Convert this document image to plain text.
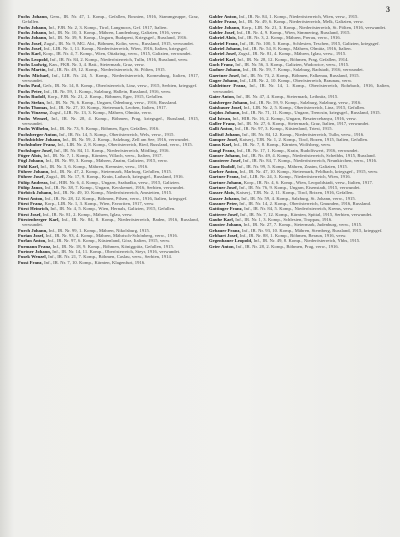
3

Fuchs Johann, Gem., IR. Nr. 47, 1. Komp., Gefallen, Bosnien, 1916, Stammgruppe, Graz, Gefallen.

Fuchs Johann, Inf., FJB. Nr. 2, 3. Komp., Tirol, Langmoos, Gef. 1917, Italien.

Fuchs Johann, Inf., IR. Nr. 10, 3. Komp., Mähren, Lundenburg, Galizien, 1916, verw.

Fuchs Johann, Inf., IR. Nr. 39, 9. Komp., Ungarn, Budapest, Kriegsgef., Russland, 1916.

Fuchs Josef, Zugsf., IR. Nr. 9, MG. Abt., Böhmen, Kolin, verw., Russland, 1915, verwundet.

Fuchs Josef, Inf., LIR. Nr. 1, 11. Komp., Niederösterreich, Wien, 1916, Italien, kriegsgef.

Fuchs Karl, Korp., IR. Nr. 4, 7. Komp., Wien, Ottakring, verw., 1915, Galizien, verwundet.

Fuchs Leopold, Inf., IR. Nr. 84, 2. Komp., Niederösterreich, Tulln, 1916, Russland, verw.

Fuchs Ludwig, Kan., FKR. Nr. 3, 4. Batt., Steiermark, Graz, verw.

Fuchs Martin, Inf., IR. Nr. 49, 12. Komp., Niederösterreich, St. Pölten, 1915.

Fuchs Michael, Inf., LIR. Nr. 24, 5. Komp., Niederösterreich, Korneuburg, Italien, 1917, verwundet.

Fuchs Paul, Gefr., IR. Nr. 14, 8. Komp., Oberösterreich, Linz, verw., 1915, Serbien, kriegsgef.

Fuchs Peter, Inf., IR. Nr. 59, 1. Komp., Salzburg, Hallein, Russland, 1916, verw.

Fuchs Rudolf, Korp., FJB. Nr. 21, 2. Komp., Böhmen, Eger, 1915, Gefallen.

Fuchs Stefan, Inf., IR. Nr. 76, 6. Komp., Ungarn, Ödenburg, verw., 1916, Russland.

Fuchs Thomas, Inf., IR. Nr. 27, 10. Komp., Steiermark, Leoben, Italien, 1917.

Fuchs Vinzenz, Zugsf., LIR. Nr. 13, 3. Komp., Mähren, Olmütz, verw.

Fuchs Wenzel, Inf., IR. Nr. 28, 4. Komp., Böhmen, Prag, kriegsgef., Russland, 1915, verwundet.

Fuchs Wilhelm, Inf., IR. Nr. 73, 9. Komp., Böhmen, Eger, Gefallen, 1916.

Fuchsberger Anton, Inf., IR. Nr. 14, 5. Komp., Oberösterreich, Wels, verw., 1915.

Fuchsbichler Johann, Inf., IR. Nr. 59, 2. Komp., Salzburg, Zell am See, 1916, verwundet.

Fuchshuber Franz, Inf., LIR. Nr. 2, 8. Komp., Oberösterreich, Ried, Russland, verw., 1915.

Fuchsluger Josef, Inf., IR. Nr. 84, 11. Komp., Niederösterreich, Mödling, 1916.

Füger Alois, Inf., IR. Nr. 7, 1. Komp., Kärnten, Villach, verw., Italien, 1917.

Fügl Johann, Inf., IR. Nr. 99, 3. Komp., Mähren, Znaim, Galizien, 1915, verw.

Fühl Karl, Inf., IR. Nr. 3, 6. Komp., Mähren, Kremsier, verw., 1916.

Führer Johann, Inf., IR. Nr. 47, 2. Komp., Steiermark, Marburg, Gefallen, 1915.

Führer Josef, Zugsf., IR. Nr. 17, 9. Komp., Krain, Laibach, kriegsgef., Russland, 1916.

Fülöp Andreas, Inf., HIR. Nr. 6, 4. Komp., Ungarn, Szabadka, verw., 1915, Galizien.

Fülöp Janos, Inf., IR. Nr. 38, 7. Komp., Ungarn, Kecskemet, 1916, Serbien, verwundet.

Fürböck Johann, Inf., IR. Nr. 49, 10. Komp., Niederösterreich, Amstetten, 1915.

Fürst Anton, Inf., IR. Nr. 28, 12. Komp., Böhmen, Pilsen, verw., 1916, Italien, kriegsgef.

Fürst Franz, Korp., LIR. Nr. 1, 3. Komp., Wien, Favoriten, 1917, verw.

Fürst Heinrich, Inf., IR. Nr. 4, 5. Komp., Wien, Hernals, Galizien, 1915, Gefallen.

Fürst Josef, Inf., IR. Nr. 81, 2. Komp., Mähren, Iglau, verw.

Fürstenberger Karl, Inf., IR. Nr. 84, 8. Komp., Niederösterreich, Baden, 1916, Russland, verwundet.

Furch Johann, Inf., IR. Nr. 99, 1. Komp., Mähren, Nikolsburg, 1915.

Furian Josef, Inf., IR. Nr. 93, 4. Komp., Mähren, Mährisch-Schönberg, verw., 1916.

Furlan Anton, Inf., IR. Nr. 97, 6. Komp., Küstenland, Görz, Italien, 1915, verw.

Furmann Franz, Inf., IR. Nr. 18, 9. Komp., Böhmen, Königgrätz, Gefallen, 1915.

Furtner Johann, Inf., IR. Nr. 14, 11. Komp., Oberösterreich, Steyr, 1916, verwundet.

Fusek Wenzel, Inf., IR. Nr. 21, 7. Komp., Böhmen, Caslau, verw., Serbien, 1914.

Fussi Franz, Inf., IR. Nr. 7, 10. Komp., Kärnten, Klagenfurt, 1916.

Gabler Anton, Inf., IR. Nr. 84, 1. Komp., Niederösterreich, Wien, verw., 1915.

Gabler Franz, Inf., IR. Nr. 49, 6. Komp., Niederösterreich, Melk, Galizien, verw.

Gabler Johann, Korp., LIR. Nr. 21, 3. Komp., Niederösterreich, St. Pölten, 1916, verwundet.

Gabler Josef, Inf., IR. Nr. 4, 9. Komp., Wien, Simmering, Russland, 1915.

Gabriel Alois, Inf., IR. Nr. 3, 2. Komp., Mähren, Prerau, verw., 1916.

Gabriel Franz, Inf., IR. Nr. 100, 5. Komp., Schlesien, Teschen, 1915, Galizien, kriegsgef.

Gabriel Johann, Inf., IR. Nr. 54, 8. Komp., Mähren, Olmütz, 1916, Italien.

Gabriel Josef, Zugsf., IR. Nr. 81, 4. Komp., Mähren, Iglau, verw., 1915.

Gabriel Karl, Inf., IR. Nr. 28, 12. Komp., Böhmen, Prag, Gefallen, 1914.

Gach Franz, Inf., IR. Nr. 56, 3. Komp., Galizien, Wadowice, verw., 1915.

Gadner Johann, Inf., IR. Nr. 59, 7. Komp., Salzburg, Radstadt, 1916, verwundet.

Gaertner Josef, Inf., IR. Nr. 73, 2. Komp., Böhmen, Falkenau, Russland, 1915.

Gager Johann, Inf., LIR. Nr. 2, 10. Komp., Oberösterreich, Braunau, verw.

Gahleitner Franz, Inf., IR. Nr. 14, 1. Komp., Oberösterreich, Rohrbach, 1916, Italien, verwundet.

Gaier Anton, Inf., IR. Nr. 47, 4. Komp., Steiermark, Leibnitz, 1915.

Gaisberger Johann, Inf., IR. Nr. 59, 9. Komp., Salzburg, Salzburg, verw., 1916.

Gaisbauer Josef, Inf., LIR. Nr. 2, 5. Komp., Oberösterreich, Linz, 1915, Gefallen.

Gajdos Johann, Inf., IR. Nr. 71, 11. Komp., Ungarn, Trencsin, kriegsgef., Russland, 1915.

Gal Istvan, Inf., HIR. Nr. 16, 2. Komp., Ungarn, Besztercebanya, 1916, verw.

Galler Franz, Inf., IR. Nr. 27, 6. Komp., Steiermark, Graz, Italien, 1917, verwundet.

Galli Anton, Inf., IR. Nr. 97, 3. Komp., Küstenland, Triest, 1915.

Gallistl Johann, Inf., IR. Nr. 84, 12. Komp., Niederösterreich, Tulln, verw., 1916.

Gamper Josef, Kaiserj., TJR. Nr. 1, 2. Komp., Tirol, Bozen, 1915, Italien, Gefallen.

Gams Karl, Inf., IR. Nr. 7, 8. Komp., Kärnten, Wolfsberg, verw.

Gangl Franz, Inf., IR. Nr. 17, 1. Komp., Krain, Rudolfswert, 1916, verwundet.

Ganser Johann, Inf., IR. Nr. 49, 4. Komp., Niederösterreich, Scheibbs, 1915, Russland.

Gansterer Josef, Inf., IR. Nr. 84, 7. Komp., Niederösterreich, Neunkirchen, verw., 1916.

Ganz Rudolf, Inf., IR. Nr. 99, 5. Komp., Mähren, Znaim, Galizien, 1915.

Garber Anton, Inf., IR. Nr. 47, 10. Komp., Steiermark, Feldbach, kriegsgef., 1915, verw.

Gartner Franz, Inf., LIR. Nr. 24, 3. Komp., Niederösterreich, Wien, 1916.

Gartner Johann, Korp., IR. Nr. 4, 6. Komp., Wien, Leopoldstadt, verw., Italien, 1917.

Gartner Josef, Inf., IR. Nr. 76, 9. Komp., Ungarn, Eisenstadt, 1915, verwundet.

Gasser Alois, Kaiserj., TJR. Nr. 2, 11. Komp., Tirol, Brixen, 1916, Gefallen.

Gasser Johann, Inf., IR. Nr. 59, 4. Komp., Salzburg, St. Johann, verw., 1915.

Gassner Peter, Inf., IR. Nr. 14, 2. Komp., Oberösterreich, Gmunden, 1916, Russland.

Gattinger Franz, Inf., IR. Nr. 84, 5. Komp., Niederösterreich, Krems, verw.

Gatterer Josef, Inf., IR. Nr. 7, 12. Komp., Kärnten, Spittal, 1915, Serbien, verwundet.

Gaube Karl, Inf., IR. Nr. 1, 3. Komp., Schlesien, Troppau, 1916.

Gauster Johann, Inf., IR. Nr. 27, 7. Komp., Steiermark, Judenburg, verw., 1915.

Gebauer Franz, Inf., IR. Nr. 93, 10. Komp., Mähren, Sternberg, Russland, 1915, kriegsgef.

Gebhart Josef, Inf., IR. Nr. 88, 1. Komp., Böhmen, Beraun, 1916, verw.

Gegenbauer Leopold, Inf., IR. Nr. 49, 8. Komp., Niederösterreich, Ybbs, 1915.

Geier Anton, Inf., IR. Nr. 28, 2. Komp., Böhmen, Prag, verw., 1916.
